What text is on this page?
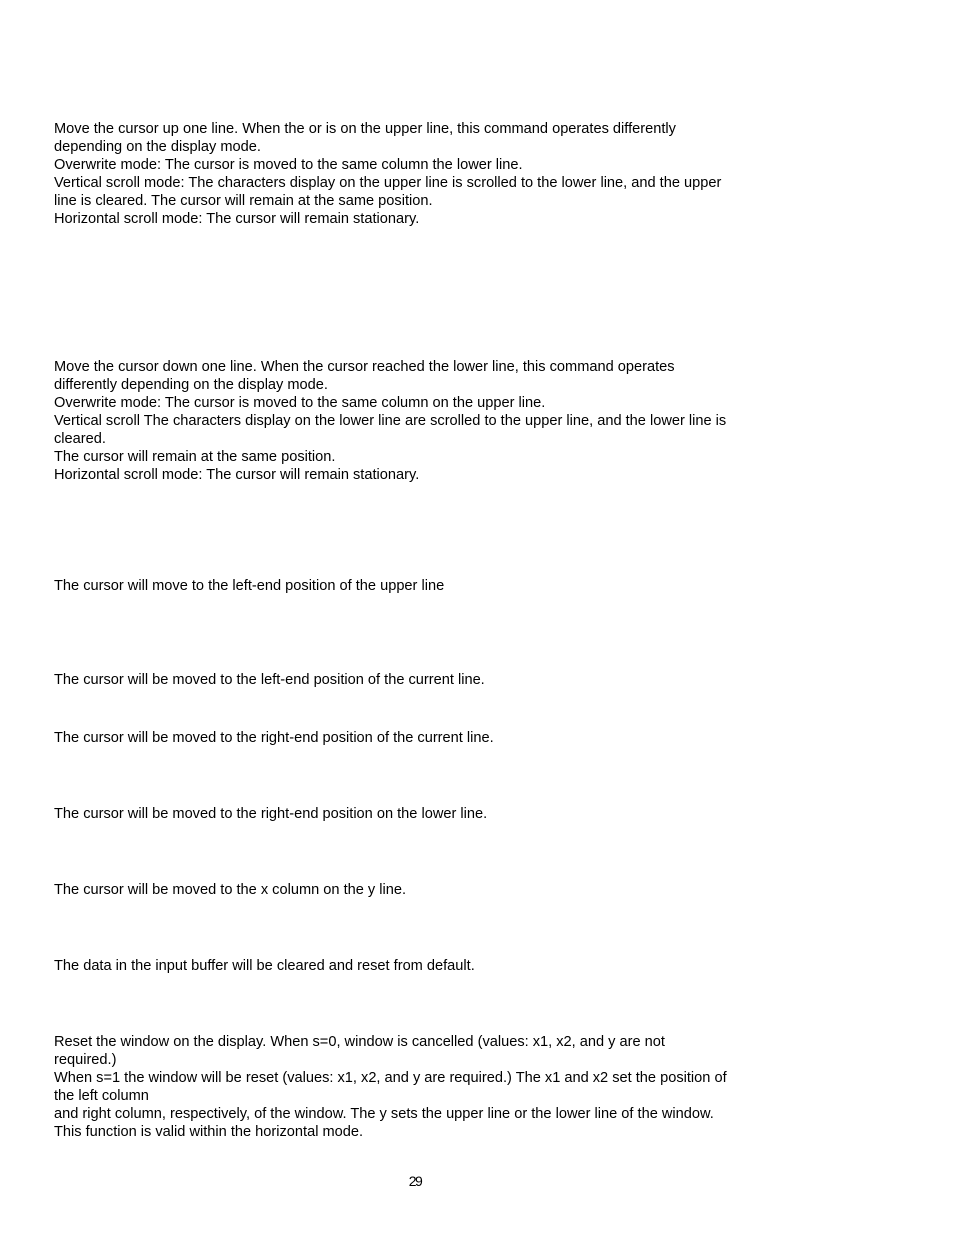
Move the cursor up one line. When the or is on the upper line, this command operates differently
depending on the display mode.
Overwrite mode: The cursor is moved to the same column the lower line.
Vertical scroll mode: The characters display on the upper line is scrolled to the lower line, and the upper
line is cleared. The cursor will remain at the same position.
Horizontal scroll mode: The cursor will remain stationary.
Move the cursor down one line. When the cursor reached the lower line, this command operates
differently depending on the display mode.
Overwrite mode: The cursor is moved to the same column on the upper line.
Vertical scroll The characters display on the lower line are scrolled to the upper line, and the lower line is
cleared.
The cursor will remain at the same position.
Horizontal scroll mode: The cursor will remain stationary.
The cursor will move to the left-end position of the upper line
The cursor will be moved to the left-end position of the current line.
The cursor will be moved to the right-end position of the current line.
The cursor will be moved to the right-end position on the lower line.
The cursor will be moved to the x column on the y line.
The data in the input buffer will be cleared and reset from default.
Reset the window on the display. When s=0, window is cancelled (values: x1, x2, and y are not
required.)
When s=1 the window will be reset (values: x1, x2, and y are required.) The x1 and x2 set the position of
the left column
and right column, respectively, of the window. The y sets the upper line or the lower line of the window.
This function is valid within the horizontal mode.
29
